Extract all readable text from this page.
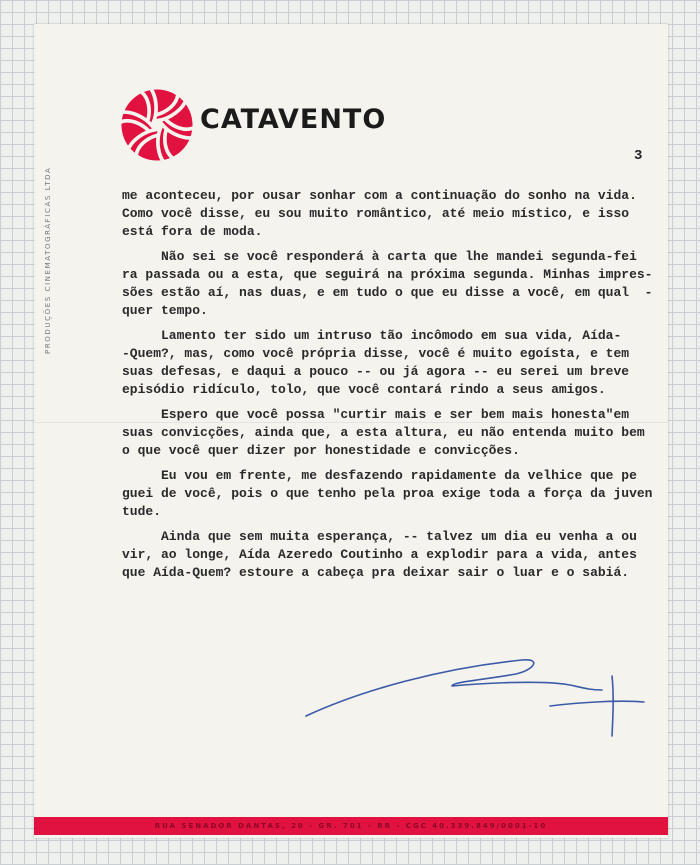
CATAVENTO
PRODUÇÕES CINEMATOGRÁFICAS LTDA
3
me aconteceu, por ousar sonhar com a continuação do sonho na vida.
Como você disse, eu sou muito romântico, até meio místico, e isso
está fora de moda.
Não sei se você responderá à carta que lhe mandei segunda-fei
ra passada ou a esta, que seguirá na próxima segunda. Minhas impres-
sões estão aí, nas duas, e em tudo o que eu disse a você, em qual  -
quer tempo.
Lamento ter sido um intruso tão incômodo em sua vida, Aída-
-Quem?, mas, como você própria disse, você é muito egoísta, e tem
suas defesas, e daqui a pouco -- ou já agora -- eu serei um breve
episódio ridículo, tolo, que você contará rindo a seus amigos.
Espero que você possa "curtir mais e ser bem mais honesta"em
suas convicções, ainda que, a esta altura, eu não entenda muito bem
o que você quer dizer por honestidade e convicções.
Eu vou em frente, me desfazendo rapidamente da velhice que pe
guei de você, pois o que tenho pela proa exige toda a força da juven
tude.
Ainda que sem muita esperança, -- talvez um dia eu venha a ou
vir, ao longe, Aída Azeredo Coutinho a explodir para a vida, antes
que Aída-Quem? estoure a cabeça pra deixar sair o luar e o sabiá.
RUA SENADOR DANTAS, 20 - GR. 701 - RR - CGC 40.339.849/0001-10
